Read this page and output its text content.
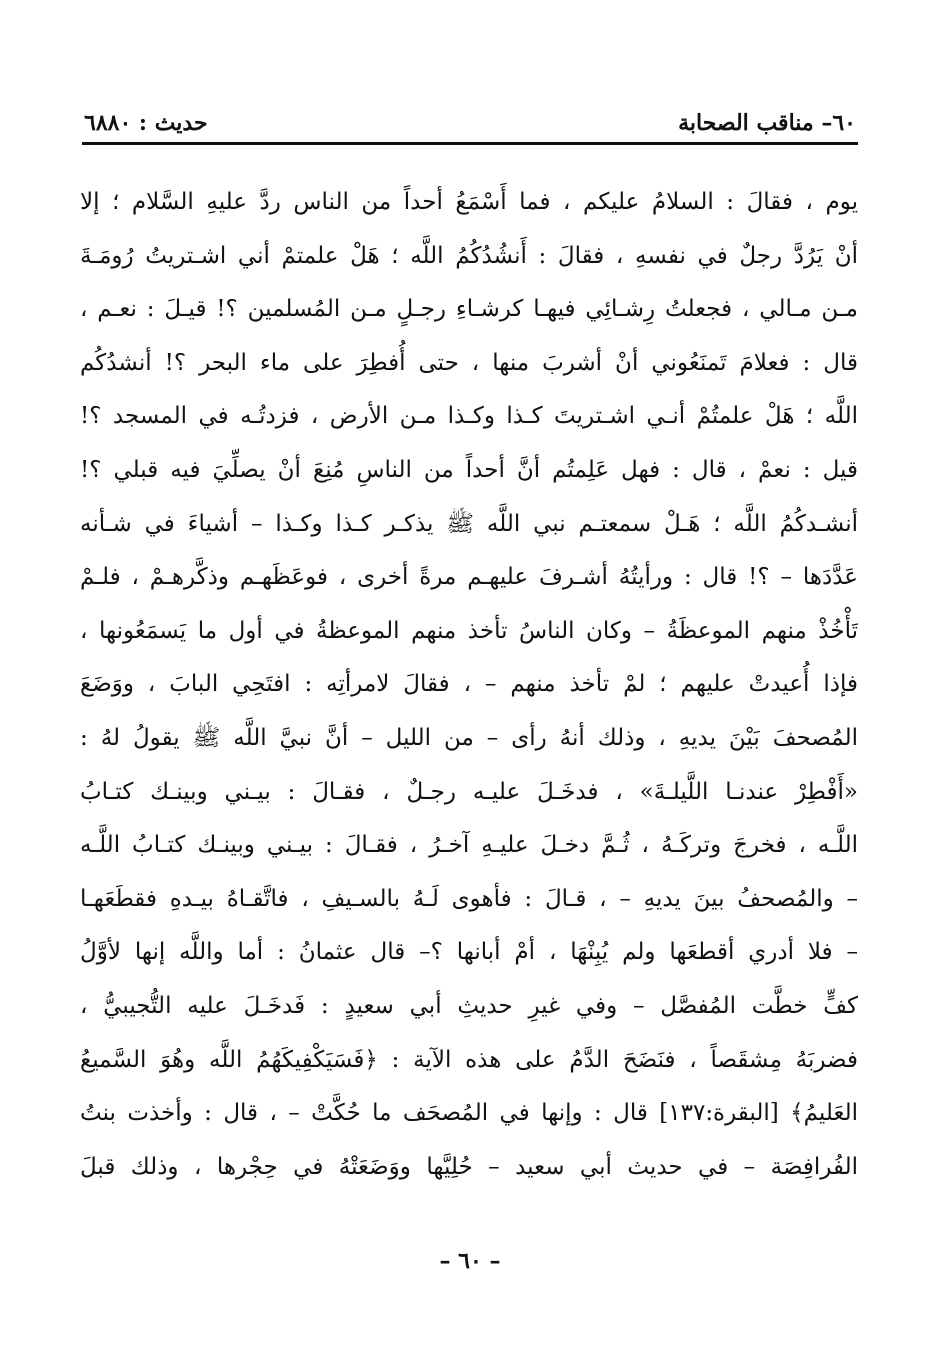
٦٠– مناقب الصحابة
حديث : ٦٨٨٠
يوم ، فقالَ : السلامُ عليكم ، فما أَسْمَعُ أحداً من الناس ردَّ عليهِ السَّلام ؛ إلا
أنْ يَرُدَّ رجلٌ في نفسهِ ، فقالَ : أَنشُدُكُمُ اللَّه ؛ هَلْ علمتمْ أني اشـتريتُ رُومَـةَ
مـن مـالي ، فجعلتُ رِشـائِي فيهـا كرشـاءِ رجـلٍ مـن المُسلمين ؟! قيـلَ : نعـم ،
قال : فعلامَ تَمنَعُوني أنْ أشربَ منها ، حتى أُفطِرَ على ماء البحر ؟! أنشدُكُم
اللَّه ؛ هَلْ علمتُمْ أنـي اشـتريتَ كـذا وكـذا مـن الأرض ، فزدتُـه في المسجد ؟!
قيل : نعمْ ، قال : فهل عَلِمتُم أنَّ أحداً من الناسِ مُنِعَ أنْ يصلِّيَ فيه قبلي ؟!
أنشـدكُمُ اللَّه ؛ هَـلْ سمعتـم نبي اللَّه ﷺ يذكـر كـذا وكـذا – أشياءَ في شـأنه
عَدَّدَها – ؟! قال : ورأيتُهُ أشـرفَ عليهـم مرةً أخرى ، فوعَظَهـم وذكَّرهـمْ ، فلـمْ
تَأْخُذْ منهم الموعظَةُ – وكان الناسُ تأخذ منهم الموعظةُ في أول ما يَسمَعُونها ،
فإذا أُعيدتْ عليهم ؛ لمْ تأخذ منهم – ، فقالَ لامرأتِه : افتَحِي البابَ ، ووَضَعَ
المُصحفَ بَيْنَ يديهِ ، وذلك أنهُ رأى – من الليل – أنَّ نبيَّ اللَّه ﷺ يقولُ لهُ :
«أَفْطِرْ عندنـا اللَّيلـةَ» ، فدخَـلَ عليـه رجـلٌ ، فقـالَ : بيـني وبينـك كتـابُ
اللَّـه ، فخرجَ وتركَـهُ ، ثُـمَّ دخـلَ عليـهِ آخـرُ ، فقـالَ : بيـني وبينـك كتـابُ اللَّـه
– والمُصحفُ بينَ يديهِ – ، قـالَ : فأهوى لَـهُ بالسـيفِ ، فاتَّقـاهُ بيـدهِ فقطَعَهـا
– فلا أدري أقطعَها ولم يُبِنْهَا ، أمْ أبانها ؟– قال عثمانُ : أما واللَّه إنها لأوَّلُ
كفٍّ خطَّت المُفصَّل – وفي غيرِ حديثِ أبي سعيدٍ : فَدخَـلَ عليه التُّجيبيُّ ،
فضربَهُ مِشقَصاً ، فنَضَحَ الدَّمُ على هذه الآية : ﴿فَسَيَكْفِيكَهُمُ اللَّه وهُوَ السَّميعُ
العَليمُ﴾ [البقرة:١٣٧] قال : وإنها في المُصحَف ما حُكَّتْ – ، قال : وأخذت بنتُ
الفُرافِصَة – في حديث أبي سعيد – حُلِيَّها ووَضَعَتْهُ في حِجْرها ، وذلك قبلَ
– ٦٠ –
